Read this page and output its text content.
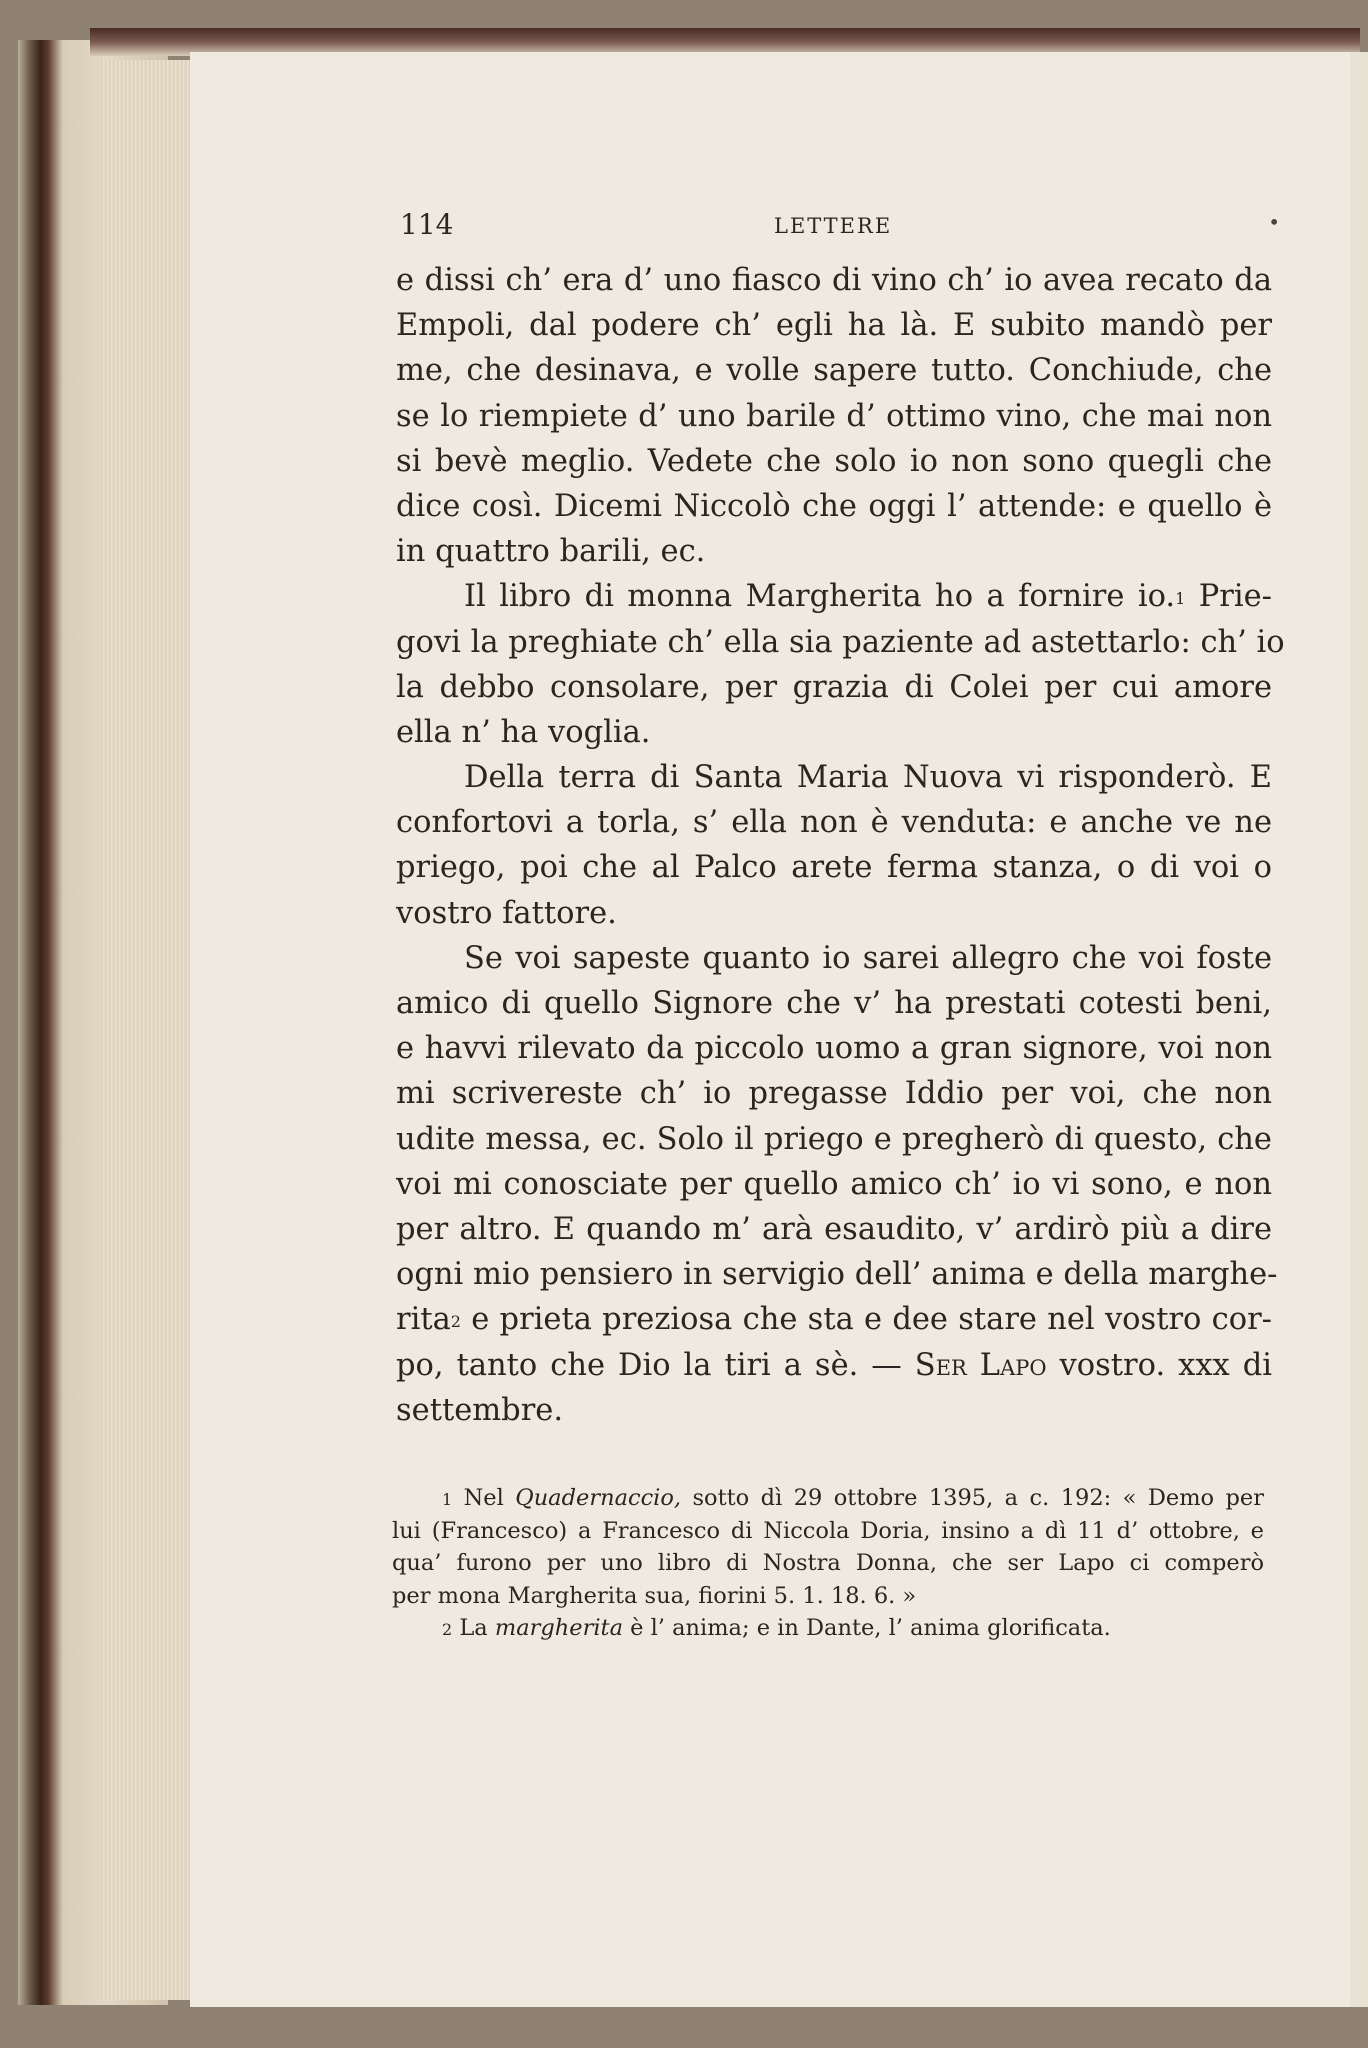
114	LETTERE	•
e dissi ch’ era d’ uno fiasco di vino ch’ io avea recato da
Empoli, dal podere ch’ egli ha là. E subito mandò per
me, che desinava, e volle sapere tutto. Conchiude, che
se lo riempiete d’ uno barile d’ ottimo vino, che mai non
si bevè meglio. Vedete che solo io non sono quegli che
dice così. Dicemi Niccolò che oggi l’ attende: e quello è
in quattro barili, ec.
Il libro di monna Margherita ho a fornire io.$^1$ Prie-
govi la preghiate ch’ ella sia paziente ad astettarlo: ch’ io
la debbo consolare, per grazia di Colei per cui amore
ella n’ ha voglia.
Della terra di Santa Maria Nuova vi risponderò. E
confortovi a torla, s’ ella non è venduta: e anche ve ne
priego, poi che al Palco arete ferma stanza, o di voi o
vostro fattore.
Se voi sapeste quanto io sarei allegro che voi foste
amico di quello Signore che v’ ha prestati cotesti beni,
e havvi rilevato da piccolo uomo a gran signore, voi non
mi scrivereste ch’ io pregasse Iddio per voi, che non
udite messa, ec. Solo il priego e pregherò di questo, che
voi mi conosciate per quello amico ch’ io vi sono, e non
per altro. E quando m’ arà esaudito, v’ ardirò più a dire
ogni mio pensiero in servigio dell’ anima e della marghe-
rita$^2$ e prieta preziosa che sta e dee stare nel vostro cor-
po, tanto che Dio la tiri a sè. — Ser Lapo vostro. xxx di
settembre.
$^1$ Nel Quadernaccio, sotto dì 29 ottobre 1395, a c. 192: « Demo per
lui (Francesco) a Francesco di Niccola Doria, insino a dì 11 d’ ottobre, e
qua’ furono per uno libro di Nostra Donna, che ser Lapo ci comperò
per mona Margherita sua, fiorini 5. 1. 18. 6. »
$^2$ La margherita è l’ anima; e in Dante, l’ anima glorificata.
